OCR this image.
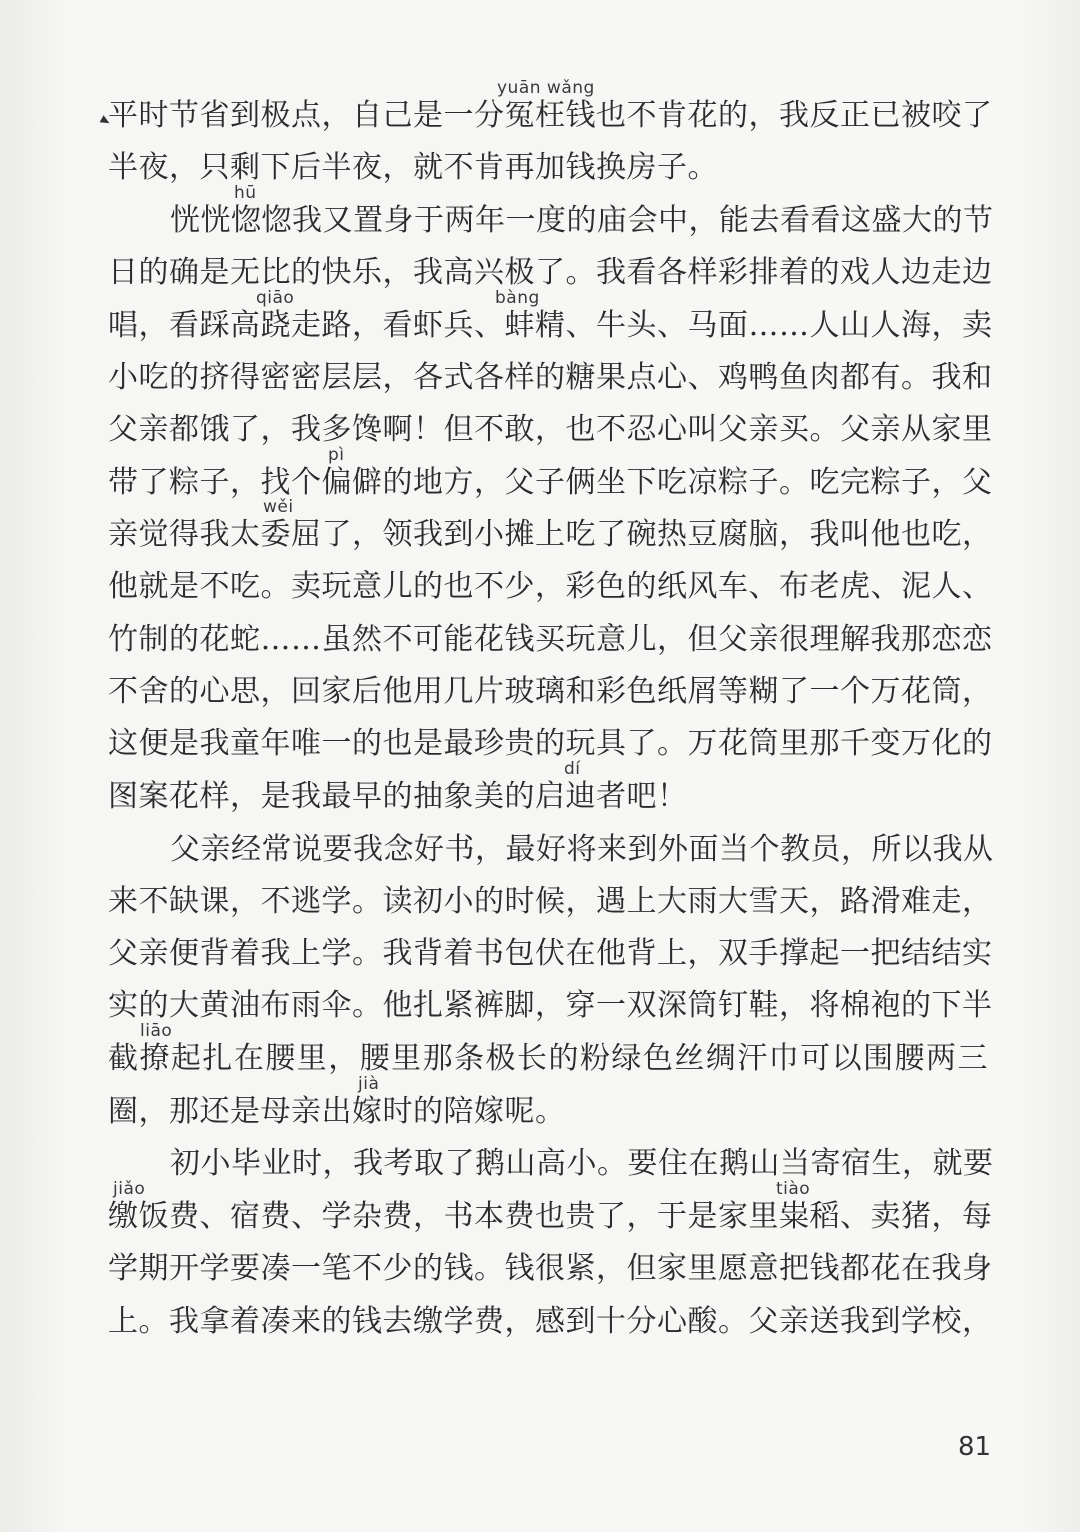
yuān wǎng
平时节省到极点，自己是一分冤枉钱也不肯花的，我反正已被咬了
半夜，只剩下后半夜，就不肯再加钱换房子。
hū
恍恍惚惚我又置身于两年一度的庙会中，能去看看这盛大的节
日的确是无比的快乐，我高兴极了。我看各样彩排着的戏人边走边
qiāo	bàng
唱，看踩高跷走路，看虾兵、蚌精、牛头、马面……人山人海，卖
小吃的挤得密密层层，各式各样的糖果点心、鸡鸭鱼肉都有。我和
父亲都饿了，我多馋啊！但不敢，也不忍心叫父亲买。父亲从家里
pì
带了粽子，找个偏僻的地方，父子俩坐下吃凉粽子。吃完粽子，父
wěi
亲觉得我太委屈了，领我到小摊上吃了碗热豆腐脑，我叫他也吃，
他就是不吃。卖玩意儿的也不少，彩色的纸风车、布老虎、泥人、
竹制的花蛇……虽然不可能花钱买玩意儿，但父亲很理解我那恋恋
不舍的心思，回家后他用几片玻璃和彩色纸屑等糊了一个万花筒，
这便是我童年唯一的也是最珍贵的玩具了。万花筒里那千变万化的
dí
图案花样，是我最早的抽象美的启迪者吧！
父亲经常说要我念好书，最好将来到外面当个教员，所以我从
来不缺课，不逃学。读初小的时候，遇上大雨大雪天，路滑难走，
父亲便背着我上学。我背着书包伏在他背上，双手撑起一把结结实
实的大黄油布雨伞。他扎紧裤脚，穿一双深筒钉鞋，将棉袍的下半
liāo
截撩起扎在腰里，腰里那条极长的粉绿色丝绸汗巾可以围腰两三
jià
圈，那还是母亲出嫁时的陪嫁呢。
初小毕业时，我考取了鹅山高小。要住在鹅山当寄宿生，就要
jiǎo	tiào
缴饭费、宿费、学杂费，书本费也贵了，于是家里粜稻、卖猪，每
学期开学要凑一笔不少的钱。钱很紧，但家里愿意把钱都花在我身
上。我拿着凑来的钱去缴学费，感到十分心酸。父亲送我到学校，
81
